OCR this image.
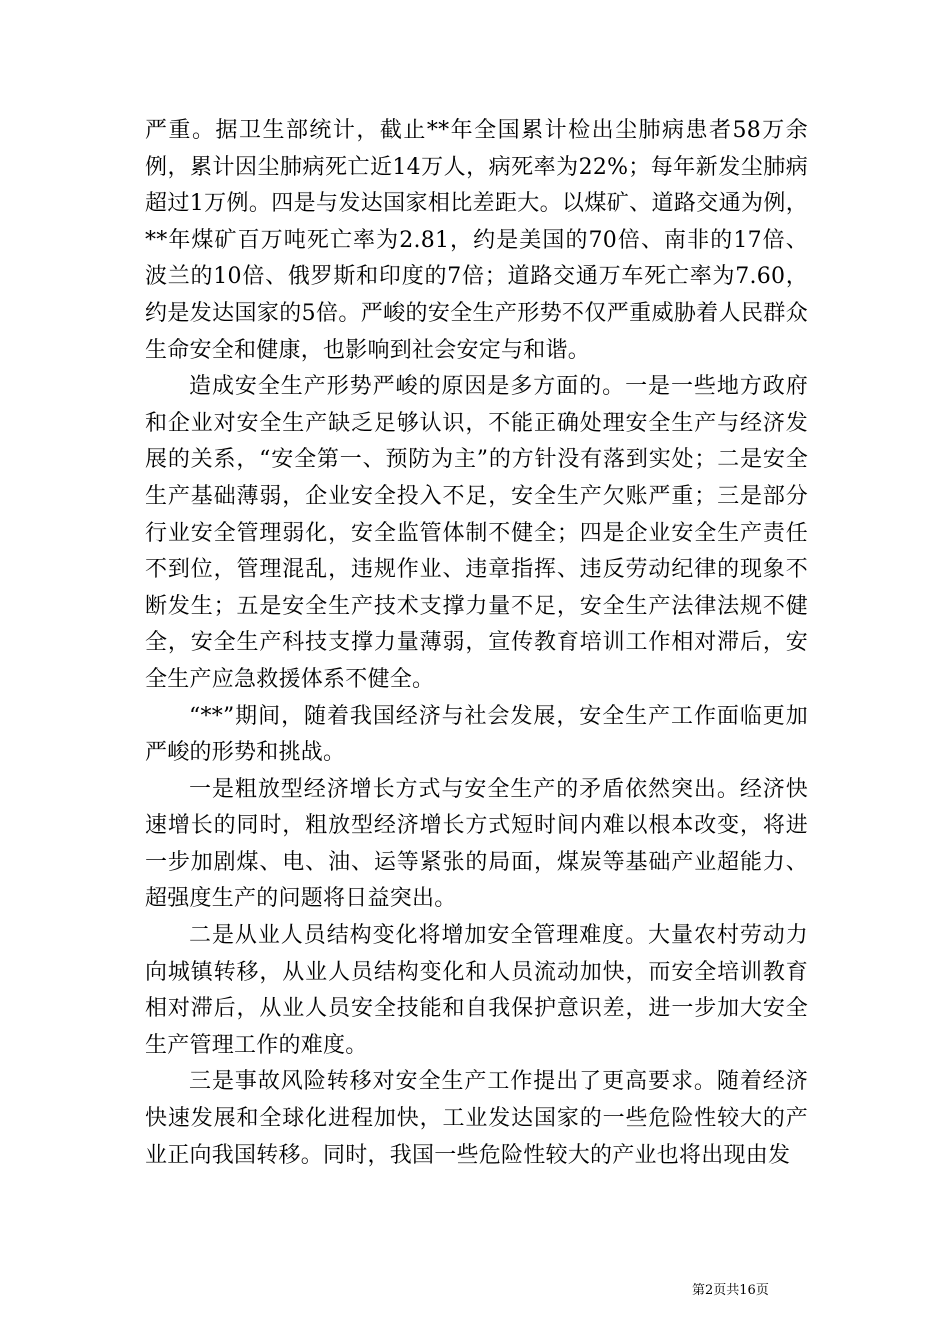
严重。据卫生部统计，截止**年全国累计检出尘肺病患者58万余例，累计因尘肺病死亡近14万人，病死率为22%；每年新发尘肺病超过1万例。四是与发达国家相比差距大。以煤矿、道路交通为例，**年煤矿百万吨死亡率为2.81，约是美国的70倍、南非的17倍、波兰的10倍、俄罗斯和印度的7倍；道路交通万车死亡率为7.60，约是发达国家的5倍。严峻的安全生产形势不仅严重威胁着人民群众生命安全和健康，也影响到社会安定与和谐。

造成安全生产形势严峻的原因是多方面的。一是一些地方政府和企业对安全生产缺乏足够认识，不能正确处理安全生产与经济发展的关系，“安全第一、预防为主”的方针没有落到实处；二是安全生产基础薄弱，企业安全投入不足，安全生产欠账严重；三是部分行业安全管理弱化，安全监管体制不健全；四是企业安全生产责任不到位，管理混乱，违规作业、违章指挥、违反劳动纪律的现象不断发生；五是安全生产技术支撑力量不足，安全生产法律法规不健全，安全生产科技支撑力量薄弱，宣传教育培训工作相对滞后，安全生产应急救援体系不健全。

“**”期间，随着我国经济与社会发展，安全生产工作面临更加严峻的形势和挑战。

一是粗放型经济增长方式与安全生产的矛盾依然突出。经济快速增长的同时，粗放型经济增长方式短时间内难以根本改变，将进一步加剧煤、电、油、运等紧张的局面，煤炭等基础产业超能力、超强度生产的问题将日益突出。

二是从业人员结构变化将增加安全管理难度。大量农村劳动力向城镇转移，从业人员结构变化和人员流动加快，而安全培训教育相对滞后，从业人员安全技能和自我保护意识差，进一步加大安全生产管理工作的难度。

三是事故风险转移对安全生产工作提出了更高要求。随着经济快速发展和全球化进程加快，工业发达国家的一些危险性较大的产业正向我国转移。同时，我国一些危险性较大的产业也将出现由发

第2页共16页
